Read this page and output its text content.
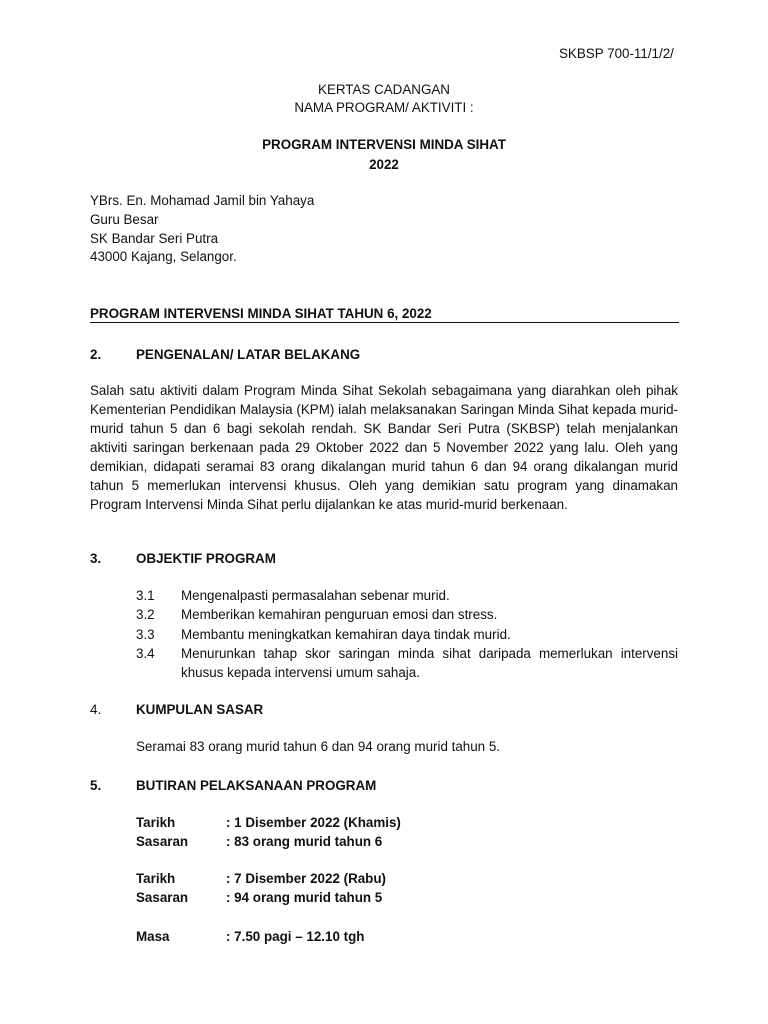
SKBSP 700-11/1/2/
KERTAS CADANGAN
NAMA PROGRAM/ AKTIVITI :
PROGRAM INTERVENSI MINDA SIHAT
2022
YBrs. En. Mohamad Jamil bin Yahaya
Guru Besar
SK Bandar Seri Putra
43000 Kajang, Selangor.
PROGRAM INTERVENSI MINDA SIHAT TAHUN 6, 2022
2.	PENGENALAN/ LATAR BELAKANG
Salah satu aktiviti dalam Program Minda Sihat Sekolah sebagaimana yang diarahkan oleh pihak Kementerian Pendidikan Malaysia (KPM) ialah melaksanakan Saringan Minda Sihat kepada murid-murid tahun 5 dan 6 bagi sekolah rendah. SK Bandar Seri Putra (SKBSP) telah menjalankan aktiviti saringan berkenaan pada 29 Oktober 2022 dan 5 November 2022 yang lalu. Oleh yang demikian, didapati seramai 83 orang dikalangan murid tahun 6 dan 94 orang dikalangan murid tahun 5 memerlukan intervensi khusus. Oleh yang demikian satu program yang dinamakan Program Intervensi Minda Sihat perlu dijalankan ke atas murid-murid berkenaan.
3.	OBJEKTIF PROGRAM
3.1 Mengenalpasti permasalahan sebenar murid.
3.2 Memberikan kemahiran penguruan emosi dan stress.
3.3 Membantu meningkatkan kemahiran daya tindak murid.
3.4 Menurunkan tahap skor saringan minda sihat daripada memerlukan intervensi
khusus kepada intervensi umum sahaja.
4.	KUMPULAN SASAR
Seramai 83 orang murid tahun 6 dan 94 orang murid tahun 5.
5.	BUTIRAN PELAKSANAAN PROGRAM
Tarikh	: 1 Disember 2022 (Khamis)
Sasaran	: 83 orang murid tahun 6
Tarikh	: 7 Disember 2022 (Rabu)
Sasaran	: 94 orang murid tahun 5
Masa	: 7.50 pagi – 12.10 tgh
